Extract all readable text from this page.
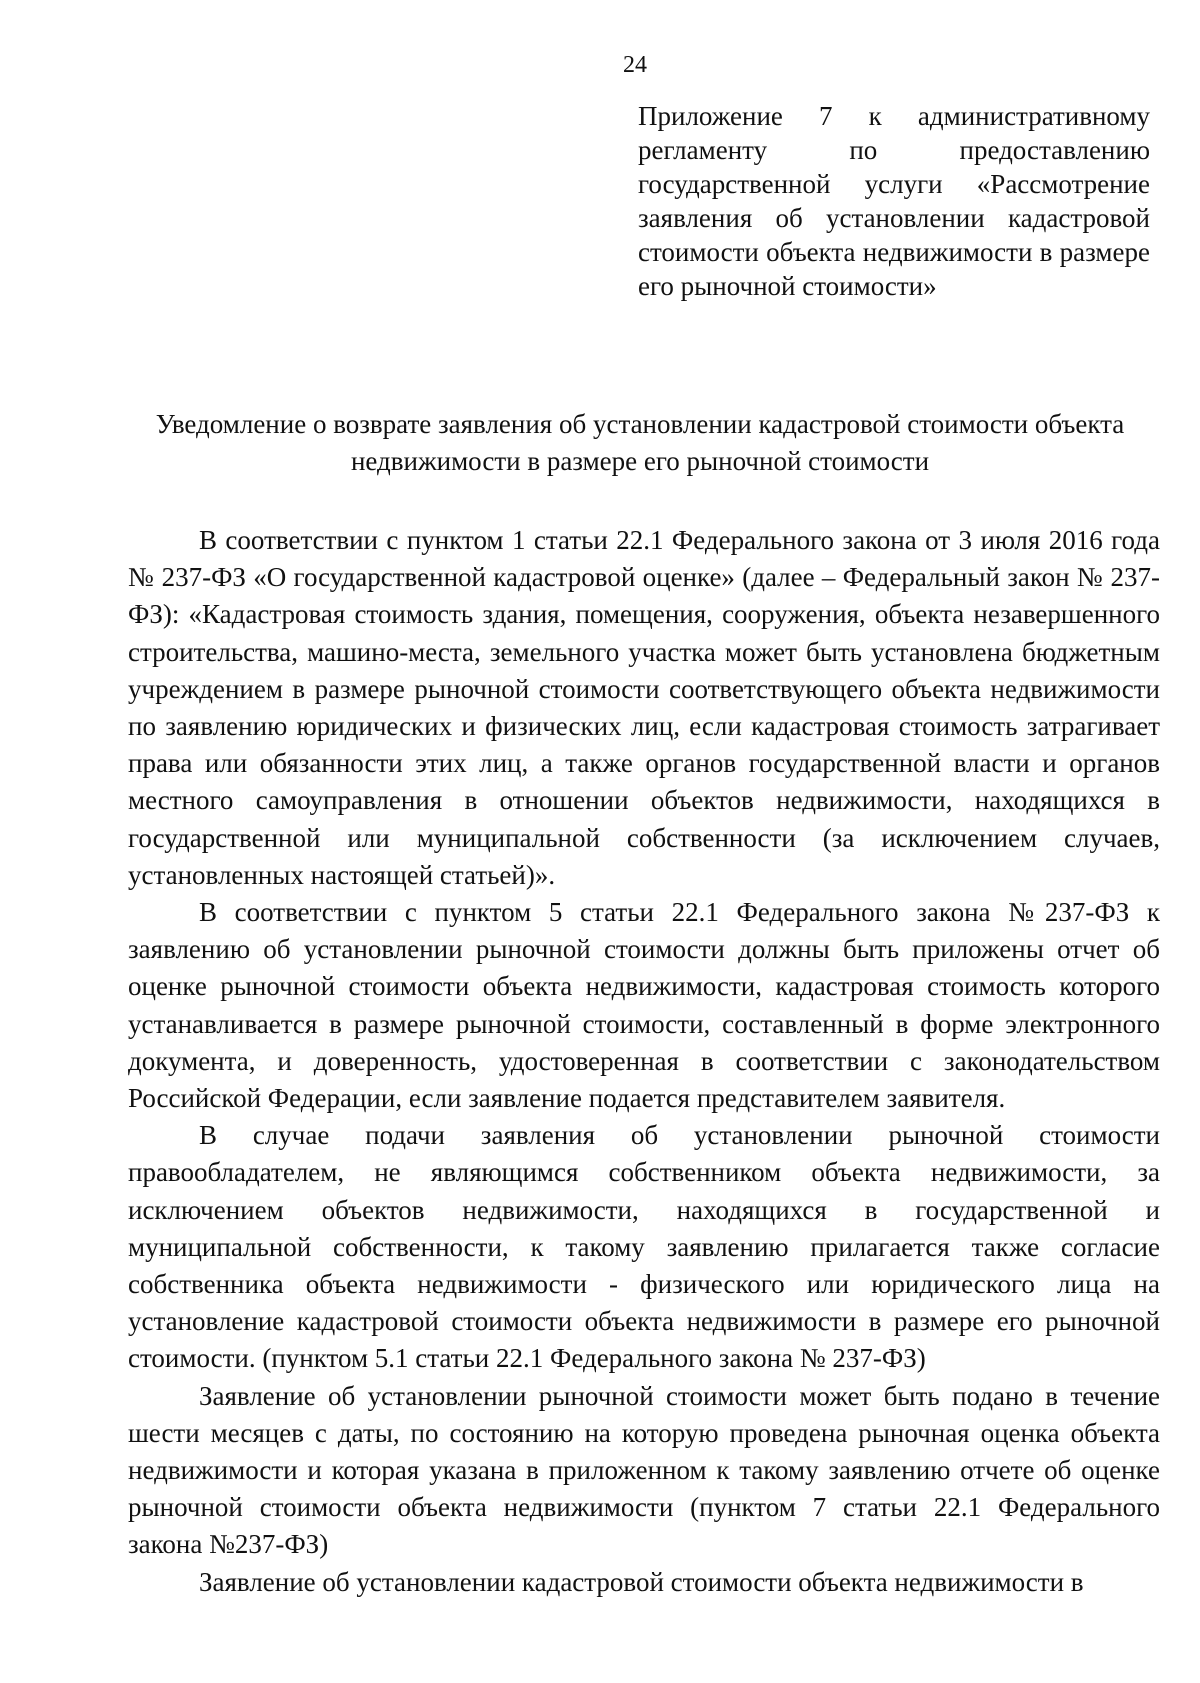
24
Приложение 7 к административному регламенту по предоставлению государственной услуги «Рассмотрение заявления об установлении кадастровой стоимости объекта недвижимости в размере его рыночной стоимости»
Уведомление о возврате заявления об установлении кадастровой стоимости объекта
недвижимости в размере его рыночной стоимости

В соответствии с пунктом 1 статьи 22.1 Федерального закона от 3 июля 2016 года № 237-ФЗ «О государственной кадастровой оценке» (далее – Федеральный закон № 237-ФЗ): «Кадастровая стоимость здания, помещения, сооружения, объекта незавершенного строительства, машино-места, земельного участка может быть установлена бюджетным учреждением в размере рыночной стоимости соответствующего объекта недвижимости по заявлению юридических и физических лиц, если кадастровая стоимость затрагивает права или обязанности этих лиц, а также органов государственной власти и органов местного самоуправления в отношении объектов недвижимости, находящихся в государственной или муниципальной собственности (за исключением случаев, установленных настоящей статьей)».

В соответствии с пунктом 5 статьи 22.1 Федерального закона №237-ФЗ к заявлению об установлении рыночной стоимости должны быть приложены отчет об оценке рыночной стоимости объекта недвижимости, кадастровая стоимость которого устанавливается в размере рыночной стоимости, составленный в форме электронного документа, и доверенность, удостоверенная в соответствии с законодательством Российской Федерации, если заявление подается представителем заявителя.

В случае подачи заявления об установлении рыночной стоимости правообладателем, не являющимся собственником объекта недвижимости, за исключением объектов недвижимости, находящихся в государственной и муниципальной собственности, к такому заявлению прилагается также согласие собственника объекта недвижимости - физического или юридического лица на установление кадастровой стоимости объекта недвижимости в размере его рыночной стоимости. (пунктом 5.1 статьи 22.1 Федерального закона № 237-ФЗ)

Заявление об установлении рыночной стоимости может быть подано в течение шести месяцев с даты, по состоянию на которую проведена рыночная оценка объекта недвижимости и которая указана в приложенном к такому заявлению отчете об оценке рыночной стоимости объекта недвижимости (пунктом 7 статьи 22.1 Федерального закона №237-ФЗ)

Заявление об установлении кадастровой стоимости объекта недвижимости в
